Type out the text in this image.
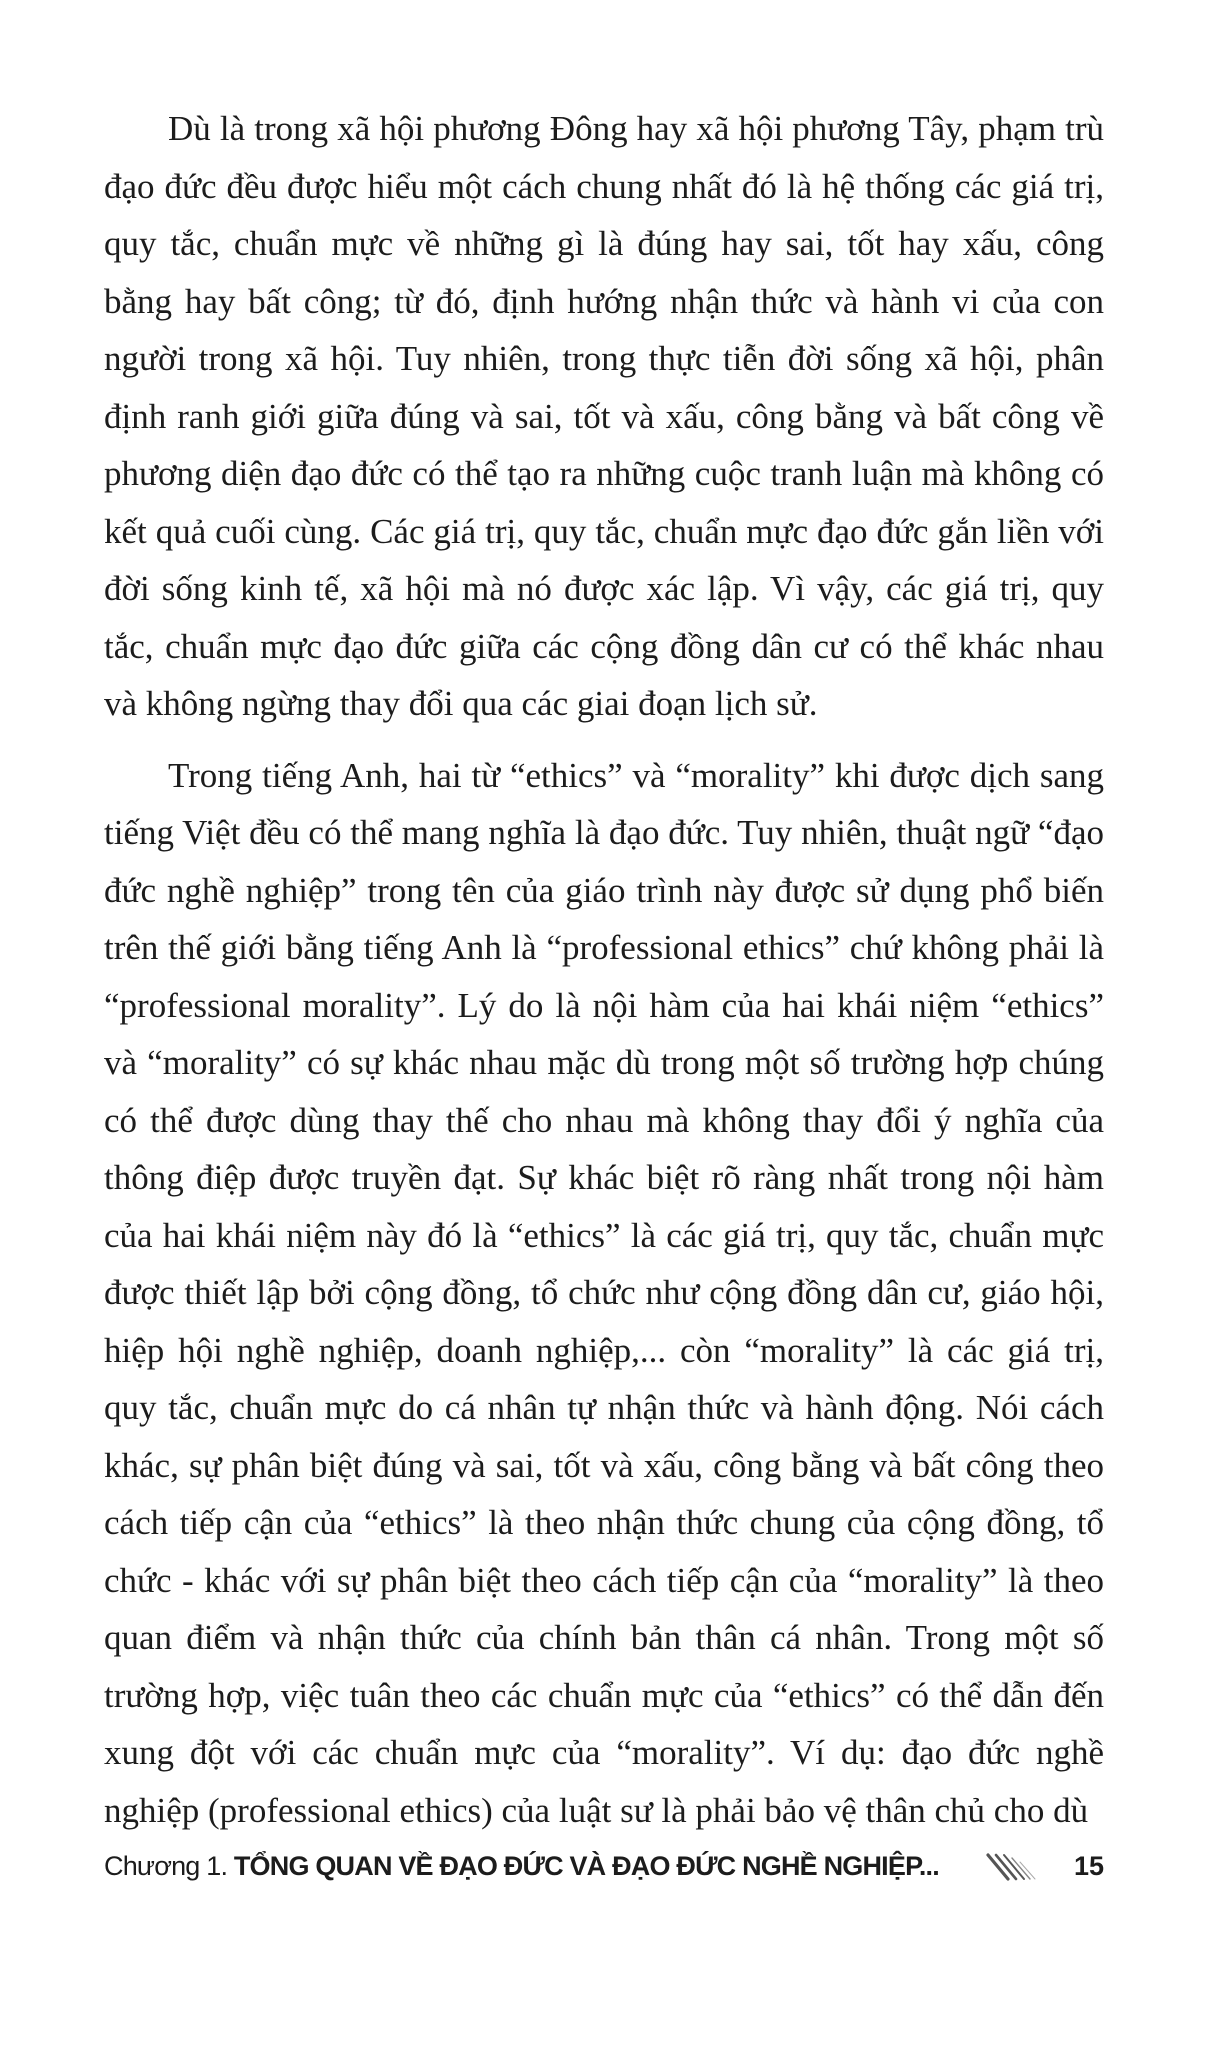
Dù là trong xã hội phương Đông hay xã hội phương Tây, phạm trù đạo đức đều được hiểu một cách chung nhất đó là hệ thống các giá trị, quy tắc, chuẩn mực về những gì là đúng hay sai, tốt hay xấu, công bằng hay bất công; từ đó, định hướng nhận thức và hành vi của con người trong xã hội. Tuy nhiên, trong thực tiễn đời sống xã hội, phân định ranh giới giữa đúng và sai, tốt và xấu, công bằng và bất công về phương diện đạo đức có thể tạo ra những cuộc tranh luận mà không có kết quả cuối cùng. Các giá trị, quy tắc, chuẩn mực đạo đức gắn liền với đời sống kinh tế, xã hội mà nó được xác lập. Vì vậy, các giá trị, quy tắc, chuẩn mực đạo đức giữa các cộng đồng dân cư có thể khác nhau và không ngừng thay đổi qua các giai đoạn lịch sử.

Trong tiếng Anh, hai từ “ethics” và “morality” khi được dịch sang tiếng Việt đều có thể mang nghĩa là đạo đức. Tuy nhiên, thuật ngữ “đạo đức nghề nghiệp” trong tên của giáo trình này được sử dụng phổ biến trên thế giới bằng tiếng Anh là “professional ethics” chứ không phải là “professional morality”. Lý do là nội hàm của hai khái niệm “ethics” và “morality” có sự khác nhau mặc dù trong một số trường hợp chúng có thể được dùng thay thế cho nhau mà không thay đổi ý nghĩa của thông điệp được truyền đạt. Sự khác biệt rõ ràng nhất trong nội hàm của hai khái niệm này đó là “ethics” là các giá trị, quy tắc, chuẩn mực được thiết lập bởi cộng đồng, tổ chức như cộng đồng dân cư, giáo hội, hiệp hội nghề nghiệp, doanh nghiệp,... còn “morality” là các giá trị, quy tắc, chuẩn mực do cá nhân tự nhận thức và hành động. Nói cách khác, sự phân biệt đúng và sai, tốt và xấu, công bằng và bất công theo cách tiếp cận của “ethics” là theo nhận thức chung của cộng đồng, tổ chức - khác với sự phân biệt theo cách tiếp cận của “morality” là theo quan điểm và nhận thức của chính bản thân cá nhân. Trong một số trường hợp, việc tuân theo các chuẩn mực của “ethics” có thể dẫn đến xung đột với các chuẩn mực của “morality”. Ví dụ: đạo đức nghề nghiệp (professional ethics) của luật sư là phải bảo vệ thân chủ cho dù

Chương 1. TỔNG QUAN VỀ ĐẠO ĐỨC VÀ ĐẠO ĐỨC NGHỀ NGHIỆP...	15
